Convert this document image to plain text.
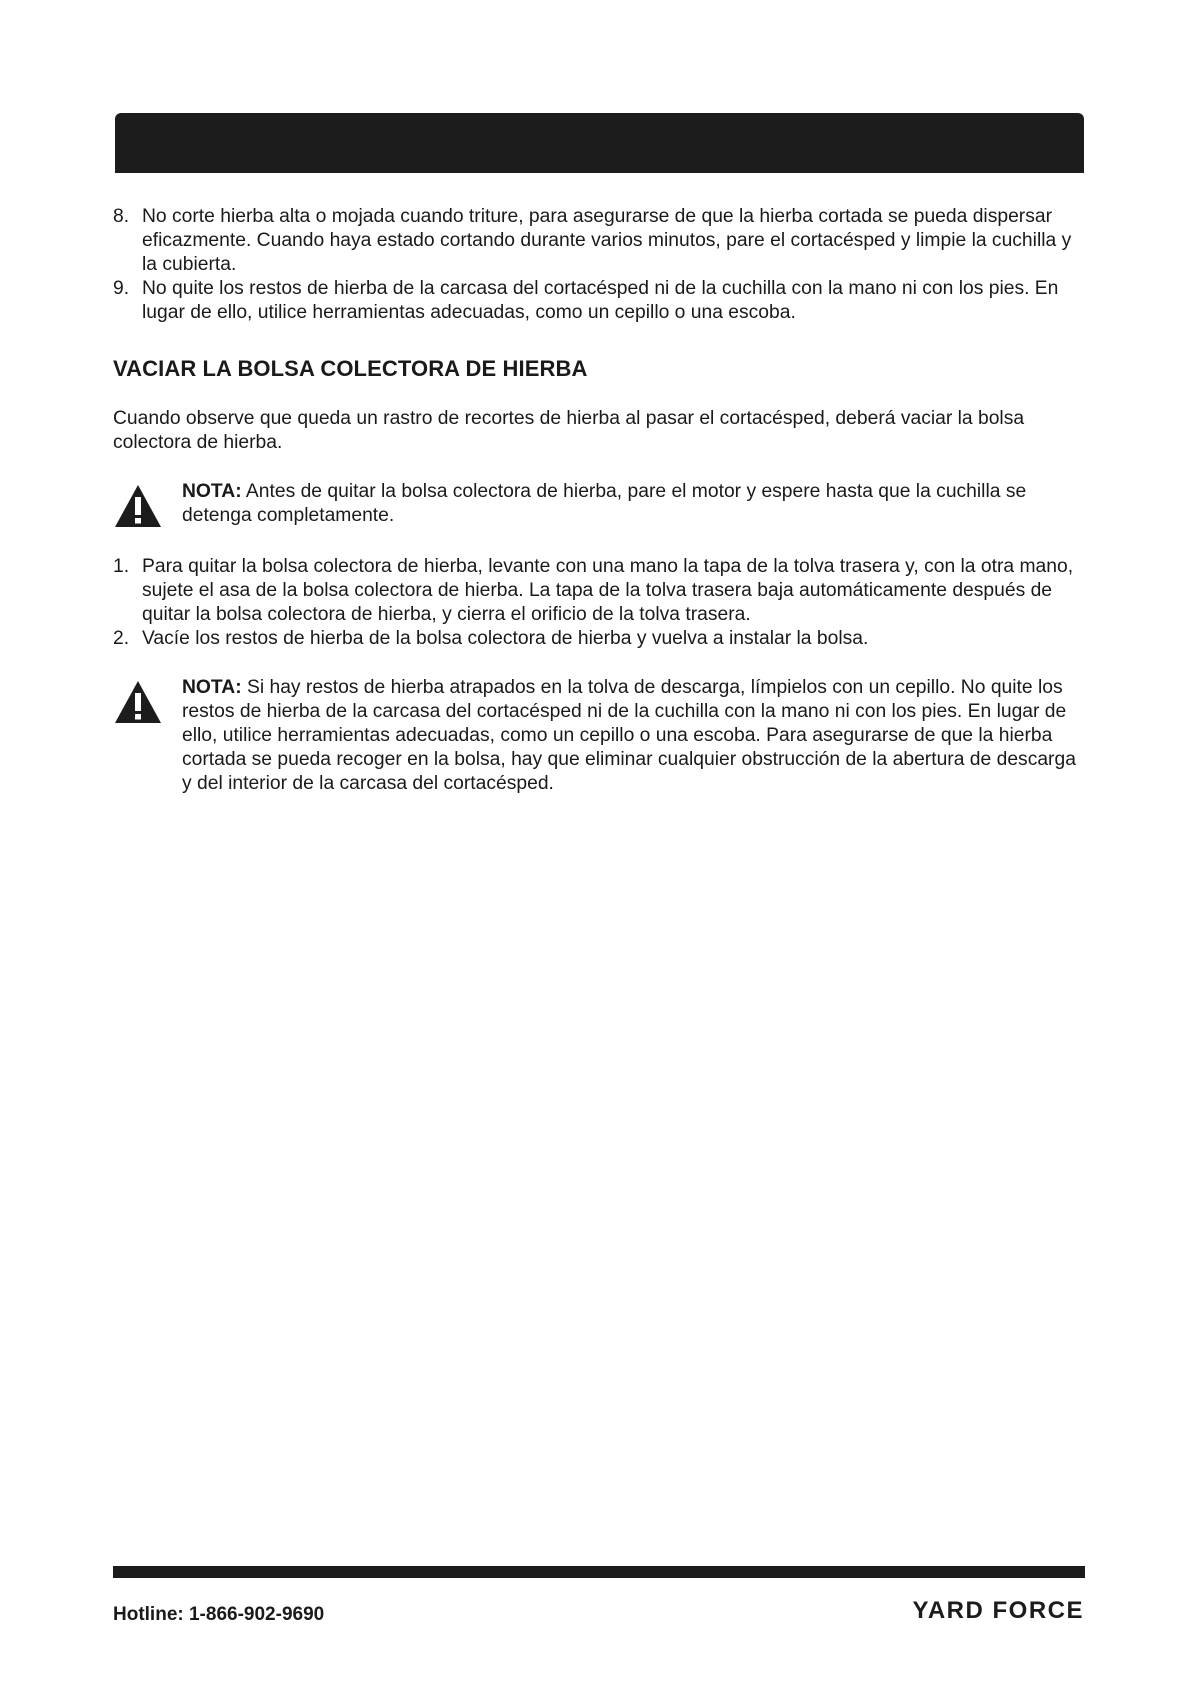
8. No corte hierba alta o mojada cuando triture, para asegurarse de que la hierba cortada se pueda dispersar eficazmente. Cuando haya estado cortando durante varios minutos, pare el cortacésped y limpie la cuchilla y la cubierta.
9. No quite los restos de hierba de la carcasa del cortacésped ni de la cuchilla con la mano ni con los pies. En lugar de ello, utilice herramientas adecuadas, como un cepillo o una escoba.
VACIAR LA BOLSA COLECTORA DE HIERBA

Cuando observe que queda un rastro de recortes de hierba al pasar el cortacésped, deberá vaciar la bolsa colectora de hierba.

NOTA: Antes de quitar la bolsa colectora de hierba, pare el motor y espere hasta que la cuchilla se detenga completamente.

1. Para quitar la bolsa colectora de hierba, levante con una mano la tapa de la tolva trasera y, con la otra mano, sujete el asa de la bolsa colectora de hierba. La tapa de la tolva trasera baja automáticamente después de quitar la bolsa colectora de hierba, y cierra el orificio de la tolva trasera.
2. Vacíe los restos de hierba de la bolsa colectora de hierba y vuelva a instalar la bolsa.

NOTA: Si hay restos de hierba atrapados en la tolva de descarga, límpielos con un cepillo. No quite los restos de hierba de la carcasa del cortacésped ni de la cuchilla con la mano ni con los pies. En lugar de ello, utilice herramientas adecuadas, como un cepillo o una escoba. Para asegurarse de que la hierba cortada se pueda recoger en la bolsa, hay que eliminar cualquier obstrucción de la abertura de descarga y del interior de la carcasa del cortacésped.

Hotline: 1-866-902-9690	YARD FORCE
